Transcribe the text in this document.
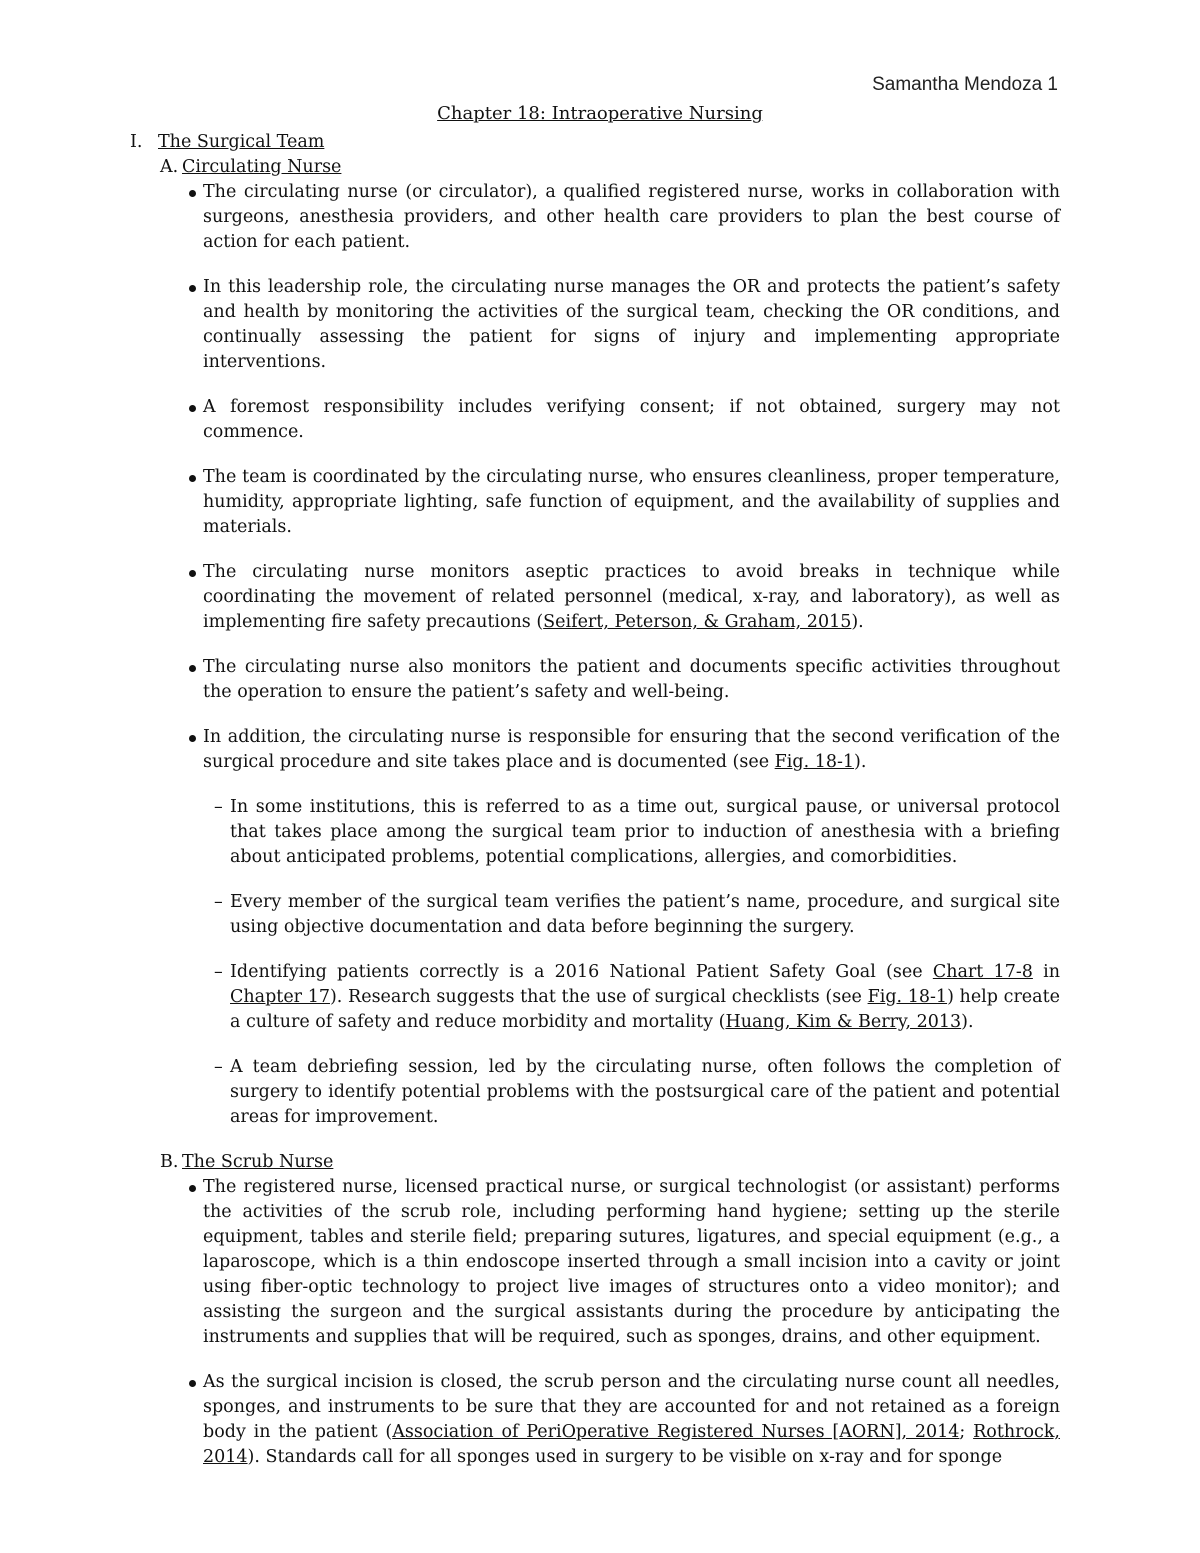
Samantha Mendoza 1
Chapter 18: Intraoperative Nursing
I. The Surgical Team
A. Circulating Nurse
The circulating nurse (or circulator), a qualified registered nurse, works in collaboration with surgeons, anesthesia providers, and other health care providers to plan the best course of action for each patient.
In this leadership role, the circulating nurse manages the OR and protects the patient’s safety and health by monitoring the activities of the surgical team, checking the OR conditions, and continually assessing the patient for signs of injury and implementing appropriate interventions.
A foremost responsibility includes verifying consent; if not obtained, surgery may not commence.
The team is coordinated by the circulating nurse, who ensures cleanliness, proper temperature, humidity, appropriate lighting, safe function of equipment, and the availability of supplies and materials.
The circulating nurse monitors aseptic practices to avoid breaks in technique while coordinating the movement of related personnel (medical, x-ray, and laboratory), as well as implementing fire safety precautions (Seifert, Peterson, & Graham, 2015).
The circulating nurse also monitors the patient and documents specific activities throughout the operation to ensure the patient’s safety and well-being.
In addition, the circulating nurse is responsible for ensuring that the second verification of the surgical procedure and site takes place and is documented (see Fig. 18-1).
– In some institutions, this is referred to as a time out, surgical pause, or universal protocol that takes place among the surgical team prior to induction of anesthesia with a briefing about anticipated problems, potential complications, allergies, and comorbidities.
– Every member of the surgical team verifies the patient’s name, procedure, and surgical site using objective documentation and data before beginning the surgery.
– Identifying patients correctly is a 2016 National Patient Safety Goal (see Chart 17-8 in Chapter 17). Research suggests that the use of surgical checklists (see Fig. 18-1) help create a culture of safety and reduce morbidity and mortality (Huang, Kim & Berry, 2013).
– A team debriefing session, led by the circulating nurse, often follows the completion of surgery to identify potential problems with the postsurgical care of the patient and potential areas for improvement.
B. The Scrub Nurse
The registered nurse, licensed practical nurse, or surgical technologist (or assistant) performs the activities of the scrub role, including performing hand hygiene; setting up the sterile equipment, tables and sterile field; preparing sutures, ligatures, and special equipment (e.g., a laparoscope, which is a thin endoscope inserted through a small incision into a cavity or joint using fiber-optic technology to project live images of structures onto a video monitor); and assisting the surgeon and the surgical assistants during the procedure by anticipating the instruments and supplies that will be required, such as sponges, drains, and other equipment.
As the surgical incision is closed, the scrub person and the circulating nurse count all needles, sponges, and instruments to be sure that they are accounted for and not retained as a foreign body in the patient (Association of PeriOperative Registered Nurses [AORN], 2014; Rothrock, 2014). Standards call for all sponges used in surgery to be visible on x-ray and for sponge
